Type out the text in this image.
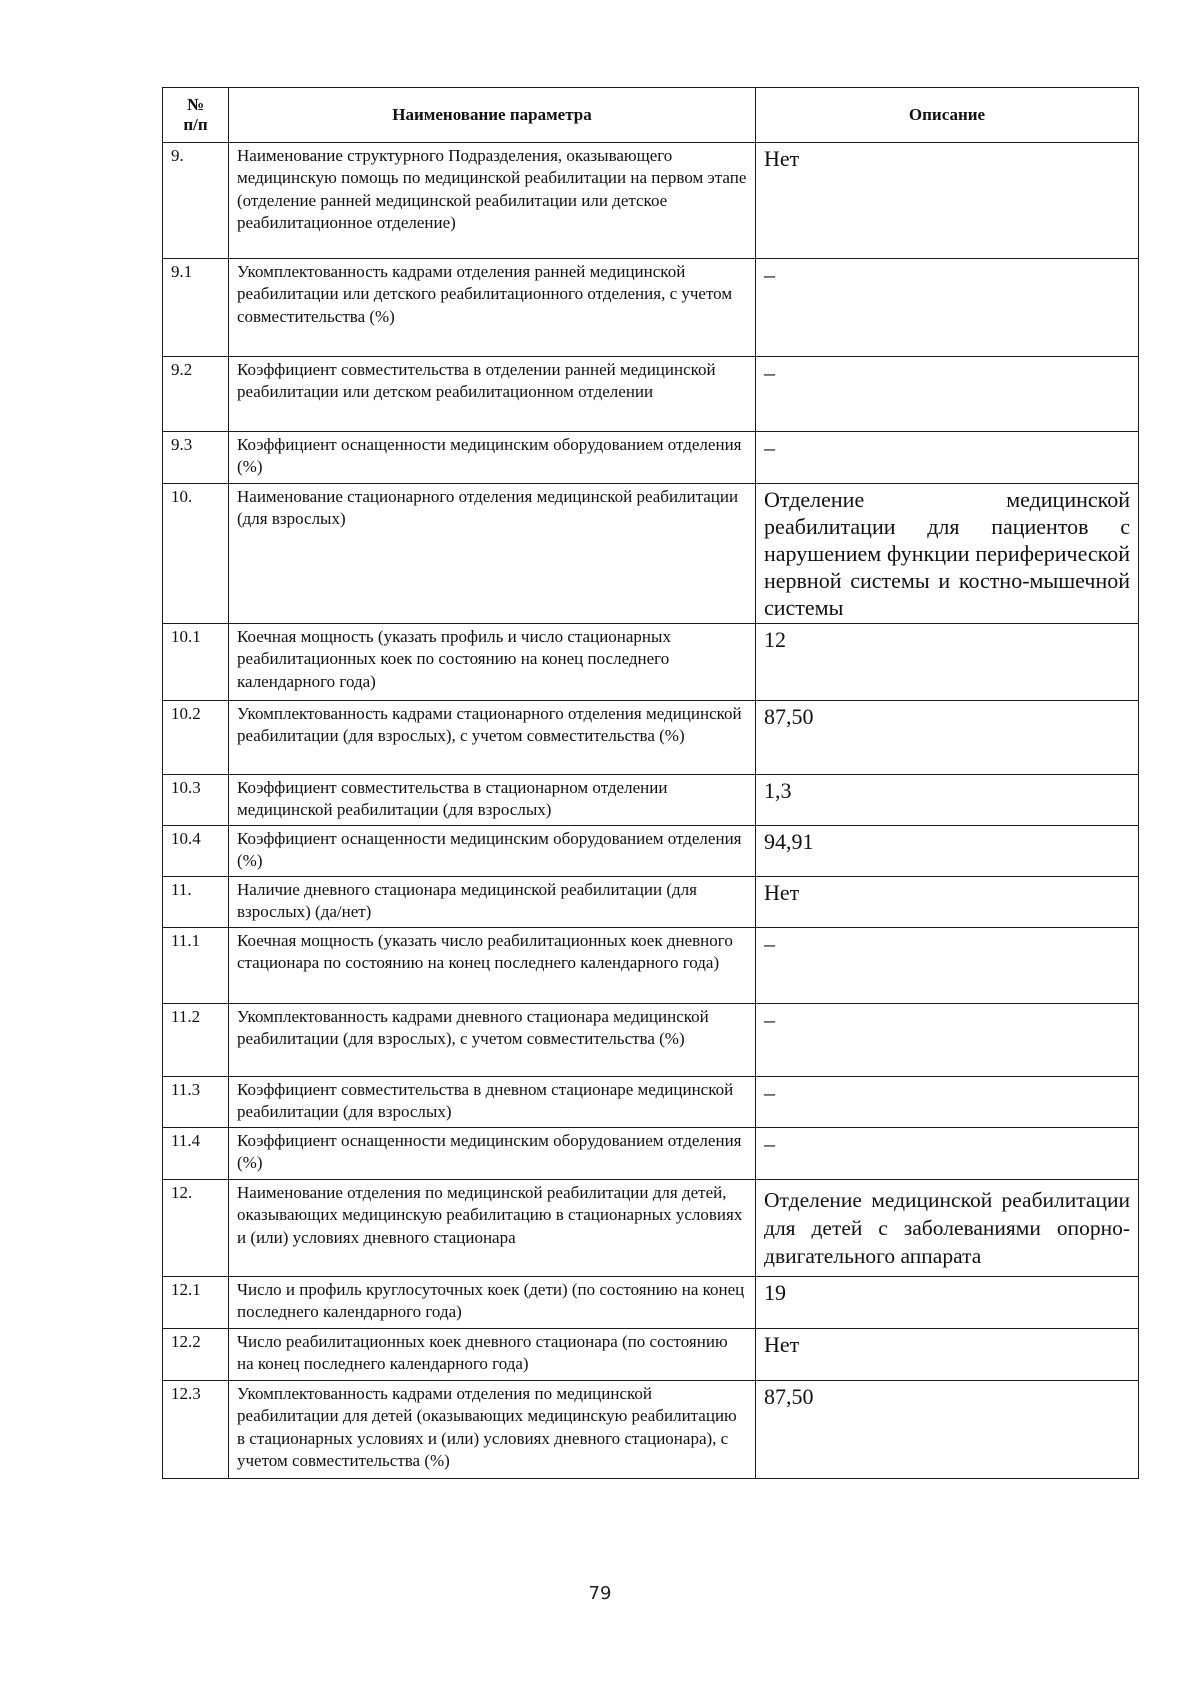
№
п/п	Наименование параметра	Описание
9.	Наименование структурного Подразделения, оказывающего медицинскую помощь по медицинской реабилитации на первом этапе (отделение ранней медицинской реабилитации или детское реабилитационное отделение)	Нет
9.1	Укомплектованность кадрами отделения ранней медицинской реабилитации или детского реабилитационного отделения, с учетом совместительства (%)	–
9.2	Коэффициент совместительства в отделении ранней медицинской реабилитации или детском реабилитационном отделении	–
9.3	Коэффициент оснащенности медицинским оборудованием отделения (%)	–
10.	Наименование стационарного отделения медицинской реабилитации (для взрослых)	Отделение медицинской реабилитации для пациентов с нарушением функции периферической нервной системы и костно-мышечной системы
10.1	Коечная мощность (указать профиль и число стационарных реабилитационных коек по состоянию на конец последнего календарного года)	12
10.2	Укомплектованность кадрами стационарного отделения медицинской реабилитации (для взрослых), с учетом совместительства (%)	87,50
10.3	Коэффициент совместительства в стационарном отделении медицинской реабилитации (для взрослых)	1,3
10.4	Коэффициент оснащенности медицинским оборудованием отделения (%)	94,91
11.	Наличие дневного стационара медицинской реабилитации (для взрослых) (да/нет)	Нет
11.1	Коечная мощность (указать число реабилитационных коек дневного стационара по состоянию на конец последнего календарного года)	–
11.2	Укомплектованность кадрами дневного стационара медицинской реабилитации (для взрослых), с учетом совместительства (%)	–
11.3	Коэффициент совместительства в дневном стационаре медицинской реабилитации (для взрослых)	–
11.4	Коэффициент оснащенности медицинским оборудованием отделения (%)	–
12.	Наименование отделения по медицинской реабилитации для детей, оказывающих медицинскую реабилитацию в стационарных условиях и (или) условиях дневного стационара	Отделение медицинской реабилитации для детей с заболеваниями опорно-двигательного аппарата
12.1	Число и профиль круглосуточных коек (дети) (по состоянию на конец последнего календарного года)	19
12.2	Число реабилитационных коек дневного стационара (по состоянию на конец последнего календарного года)	Нет
12.3	Укомплектованность кадрами отделения по медицинской реабилитации для детей (оказывающих медицинскую реабилитацию в стационарных условиях и (или) условиях дневного стационара), с учетом совместительства (%)	87,50
79
